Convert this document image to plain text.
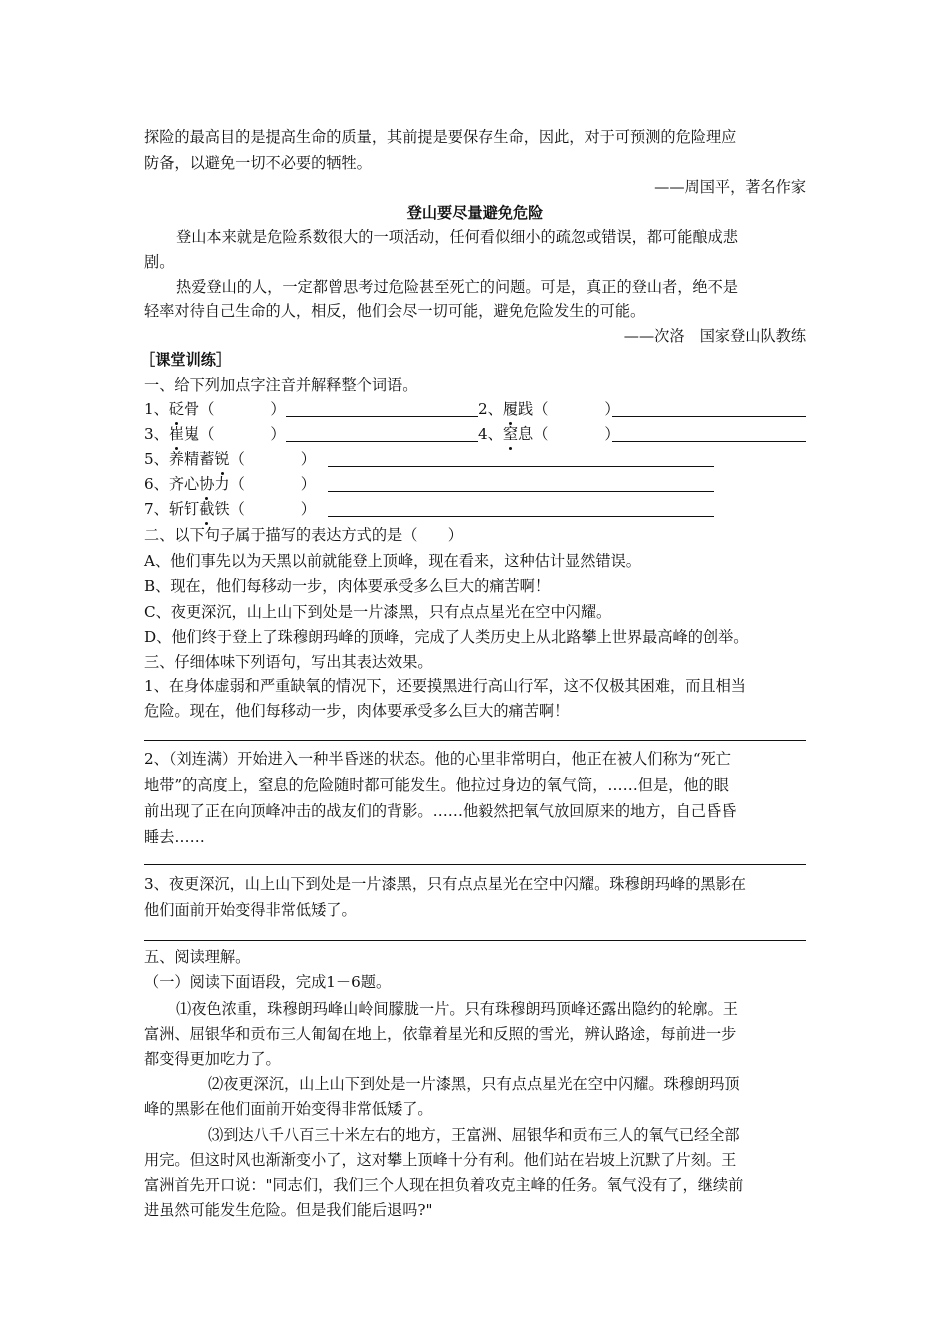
探险的最高目的是提高生命的质量，其前提是要保存生命，因此，对于可预测的危险理应
防备，以避免一切不必要的牺牲。
——周国平，著名作家
登山要尽量避免危险
登山本来就是危险系数很大的一项活动，任何看似细小的疏忽或错误，都可能酿成悲
剧。
热爱登山的人，一定都曾思考过危险甚至死亡的问题。可是，真正的登山者，绝不是
轻率对待自己生命的人，相反，他们会尽一切可能，避免危险发生的可能。
——次洛　国家登山队教练
［课堂训练］
一、给下列加点字注音并解释整个词语。
1、砭骨（	）	2、履践（	）
3、崔嵬（	）	4、窒息（	）
5、养精蓄锐（	）
6、齐心协力（	）
7、斩钉截铁（	）
二、以下句子属于描写的表达方式的是（　　）
A、他们事先以为天黑以前就能登上顶峰，现在看来，这种估计显然错误。
B、现在，他们每移动一步，肉体要承受多么巨大的痛苦啊！
C、夜更深沉，山上山下到处是一片漆黑，只有点点星光在空中闪耀。
D、他们终于登上了珠穆朗玛峰的顶峰，完成了人类历史上从北路攀上世界最高峰的创举。
三、仔细体味下列语句，写出其表达效果。
1、在身体虚弱和严重缺氧的情况下，还要摸黑进行高山行军，这不仅极其困难，而且相当
危险。现在，他们每移动一步，肉体要承受多么巨大的痛苦啊！
2、（刘连满）开始进入一种半昏迷的状态。他的心里非常明白，他正在被人们称为“死亡
地带”的高度上，窒息的危险随时都可能发生。他拉过身边的氧气筒，……但是，他的眼
前出现了正在向顶峰冲击的战友们的背影。……他毅然把氧气放回原来的地方，自己昏昏
睡去……
3、夜更深沉，山上山下到处是一片漆黑，只有点点星光在空中闪耀。珠穆朗玛峰的黑影在
他们面前开始变得非常低矮了。
五、阅读理解。
（一）阅读下面语段，完成1－6题。
⑴夜色浓重，珠穆朗玛峰山岭间朦胧一片。只有珠穆朗玛顶峰还露出隐约的轮廓。王
富洲、屈银华和贡布三人匍匐在地上，依靠着星光和反照的雪光，辨认路途，每前进一步
都变得更加吃力了。
⑵夜更深沉，山上山下到处是一片漆黑，只有点点星光在空中闪耀。珠穆朗玛顶
峰的黑影在他们面前开始变得非常低矮了。
⑶到达八千八百三十米左右的地方，王富洲、屈银华和贡布三人的氧气已经全部
用完。但这时风也渐渐变小了，这对攀上顶峰十分有利。他们站在岩坡上沉默了片刻。王
富洲首先开口说："同志们，我们三个人现在担负着攻克主峰的任务。氧气没有了，继续前
进虽然可能发生危险。但是我们能后退吗?"
